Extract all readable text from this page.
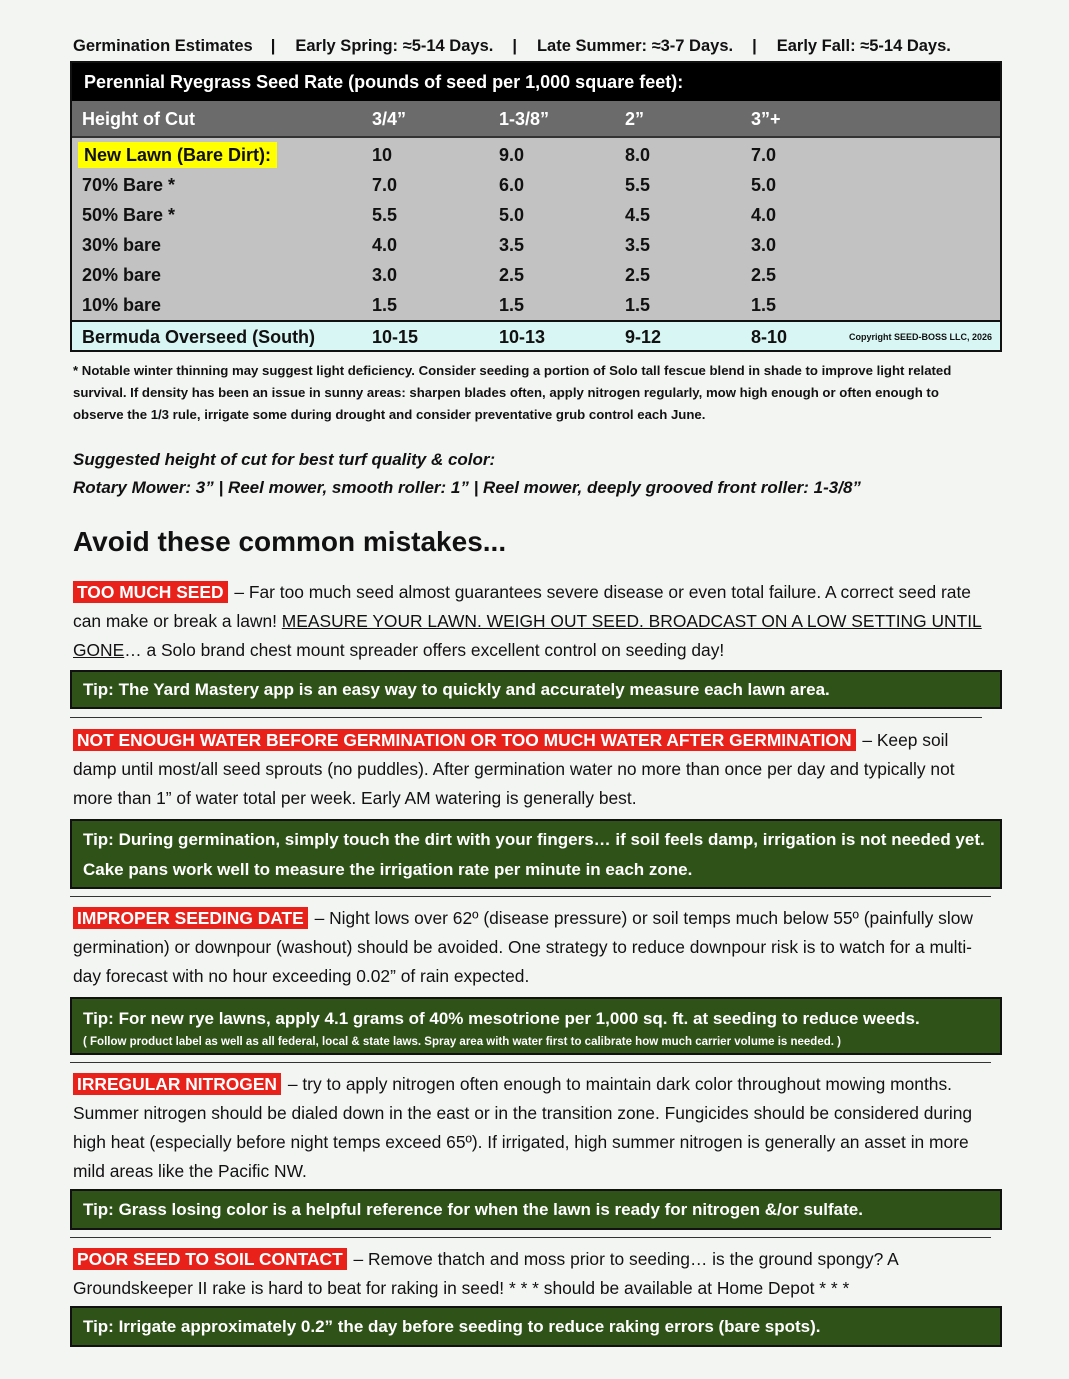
Germination Estimates | Early Spring: ≈5-14 Days. | Late Summer: ≈3-7 Days. | Early Fall: ≈5-14 Days.
Perennial Ryegrass Seed Rate (pounds of seed per 1,000 square feet):
Height of Cut	3/4”	1-3/8”	2”	3”+
New Lawn (Bare Dirt):	10	9.0	8.0	7.0
70% Bare *	7.0	6.0	5.5	5.0
50% Bare *	5.5	5.0	4.5	4.0
30% bare	4.0	3.5	3.5	3.0
20% bare	3.0	2.5	2.5	2.5
10% bare	1.5	1.5	1.5	1.5
Bermuda Overseed (South)	10-15	10-13	9-12	8-10	Copyright SEED-BOSS LLC, 2026
* Notable winter thinning may suggest light deficiency. Consider seeding a portion of Solo tall fescue blend in shade to improve light related survival. If density has been an issue in sunny areas: sharpen blades often, apply nitrogen regularly, mow high enough or often enough to observe the 1/3 rule, irrigate some during drought and consider preventative grub control each June.
Suggested height of cut for best turf quality & color:
Rotary Mower: 3” | Reel mower, smooth roller: 1” | Reel mower, deeply grooved front roller: 1-3/8”
Avoid these common mistakes...
TOO MUCH SEED – Far too much seed almost guarantees severe disease or even total failure. A correct seed rate can make or break a lawn! MEASURE YOUR LAWN. WEIGH OUT SEED. BROADCAST ON A LOW SETTING UNTIL GONE… a Solo brand chest mount spreader offers excellent control on seeding day!
Tip: The Yard Mastery app is an easy way to quickly and accurately measure each lawn area.
NOT ENOUGH WATER BEFORE GERMINATION OR TOO MUCH WATER AFTER GERMINATION – Keep soil damp until most/all seed sprouts (no puddles). After germination water no more than once per day and typically not more than 1” of water total per week. Early AM watering is generally best.
Tip: During germination, simply touch the dirt with your fingers… if soil feels damp, irrigation is not needed yet. Cake pans work well to measure the irrigation rate per minute in each zone.
IMPROPER SEEDING DATE – Night lows over 62º (disease pressure) or soil temps much below 55º (painfully slow germination) or downpour (washout) should be avoided. One strategy to reduce downpour risk is to watch for a multi-day forecast with no hour exceeding 0.02” of rain expected.
Tip: For new rye lawns, apply 4.1 grams of 40% mesotrione per 1,000 sq. ft. at seeding to reduce weeds.
( Follow product label as well as all federal, local & state laws. Spray area with water first to calibrate how much carrier volume is needed. )
IRREGULAR NITROGEN – try to apply nitrogen often enough to maintain dark color throughout mowing months. Summer nitrogen should be dialed down in the east or in the transition zone. Fungicides should be considered during high heat (especially before night temps exceed 65º). If irrigated, high summer nitrogen is generally an asset in more mild areas like the Pacific NW.
Tip: Grass losing color is a helpful reference for when the lawn is ready for nitrogen &/or sulfate.
POOR SEED TO SOIL CONTACT – Remove thatch and moss prior to seeding… is the ground spongy? A Groundskeeper II rake is hard to beat for raking in seed! * * * should be available at Home Depot * * *
Tip: Irrigate approximately 0.2” the day before seeding to reduce raking errors (bare spots).
